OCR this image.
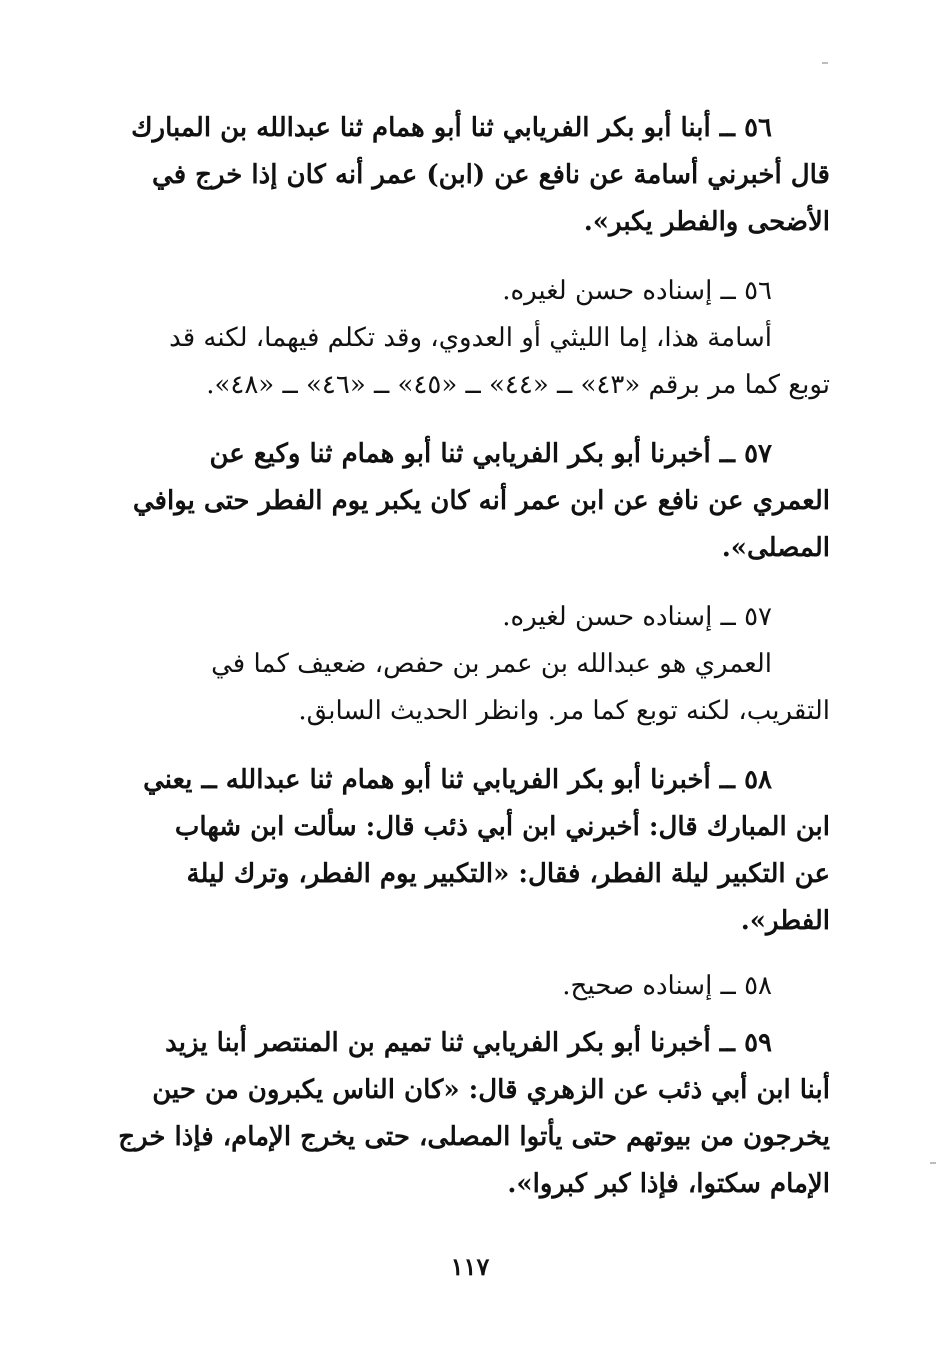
٥٦ ــ أبنا أبو بكر الفريابي ثنا أبو همام ثنا عبدالله بن المبارك
قال أخبرني أسامة عن نافع عن (ابن) عمر أنه كان إذا خرج في
الأضحى والفطر يكبر».
٥٦ ــ إسناده حسن لغيره.
أسامة هذا، إما الليثي أو العدوي، وقد تكلم فيهما، لكنه قد
توبع كما مر برقم «٤٣» ــ «٤٤» ــ «٤٥» ــ «٤٦» ــ «٤٨».
٥٧ ــ أخبرنا أبو بكر الفريابي ثنا أبو همام ثنا وكيع عن
العمري عن نافع عن ابن عمر أنه كان يكبر يوم الفطر حتى يوافي
المصلى».
٥٧ ــ إسناده حسن لغيره.
العمري هو عبدالله بن عمر بن حفص، ضعيف كما في
التقريب، لكنه توبع كما مر. وانظر الحديث السابق.
٥٨ ــ أخبرنا أبو بكر الفريابي ثنا أبو همام ثنا عبدالله ــ يعني
ابن المبارك قال: أخبرني ابن أبي ذئب قال: سألت ابن شهاب
عن التكبير ليلة الفطر، فقال: «التكبير يوم الفطر، وترك ليلة
الفطر».
٥٨ ــ إسناده صحيح.
٥٩ ــ أخبرنا أبو بكر الفريابي ثنا تميم بن المنتصر أبنا يزيد
أبنا ابن أبي ذئب عن الزهري قال: «كان الناس يكبرون من حين
يخرجون من بيوتهم حتى يأتوا المصلى، حتى يخرج الإمام، فإذا خرج
الإمام سكتوا، فإذا كبر كبروا».
١١٧
